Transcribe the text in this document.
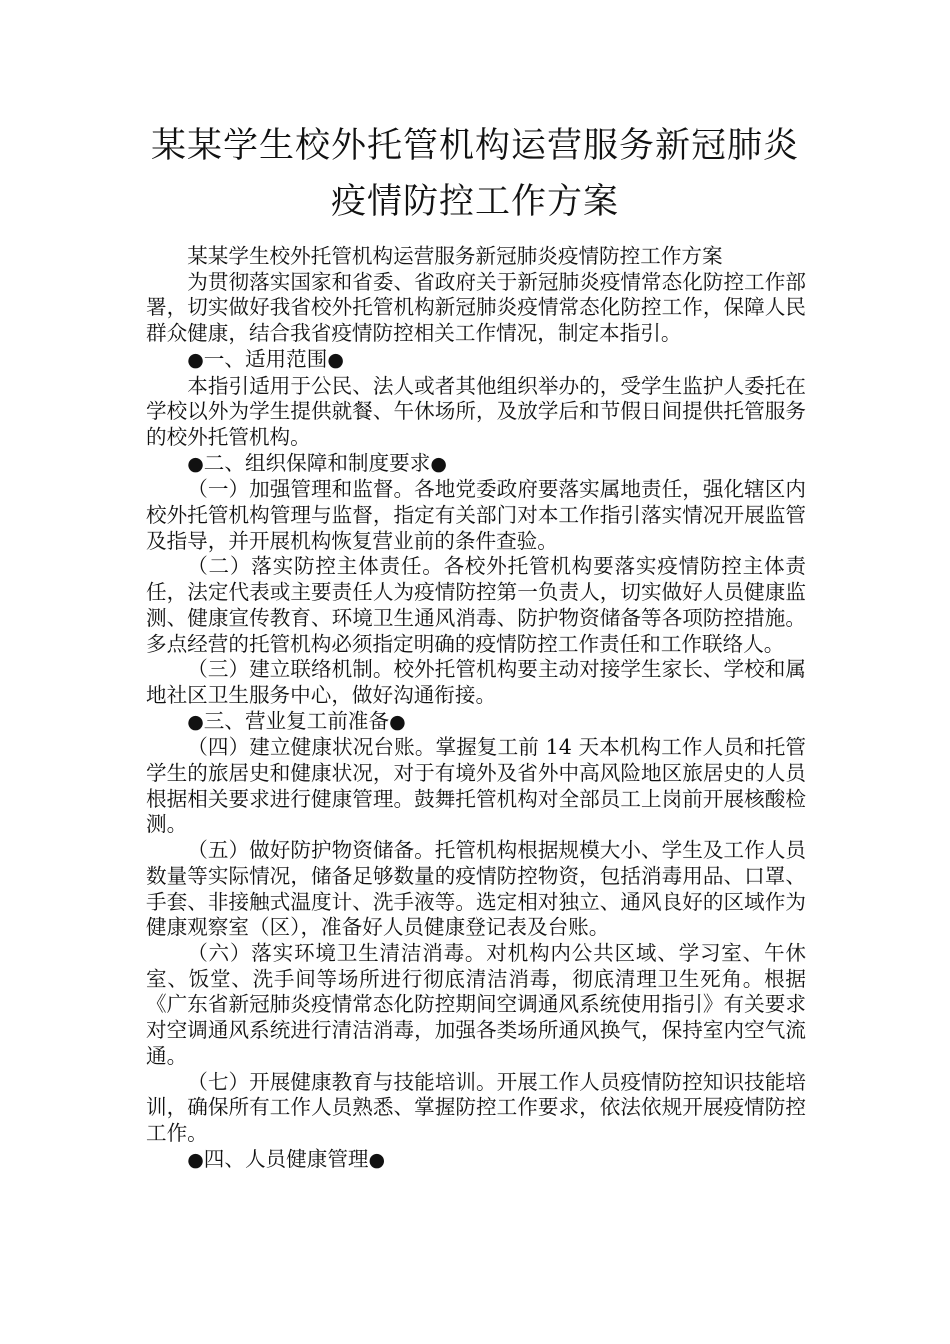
某某学生校外托管机构运营服务新冠肺炎
疫情防控工作方案

某某学生校外托管机构运营服务新冠肺炎疫情防控工作方案

为贯彻落实国家和省委、省政府关于新冠肺炎疫情常态化防控工作部署，切实做好我省校外托管机构新冠肺炎疫情常态化防控工作，保障人民群众健康，结合我省疫情防控相关工作情况，制定本指引。

●一、适用范围●

本指引适用于公民、法人或者其他组织举办的，受学生监护人委托在学校以外为学生提供就餐、午休场所，及放学后和节假日间提供托管服务的校外托管机构。

●二、组织保障和制度要求●

（一）加强管理和监督。各地党委政府要落实属地责任，强化辖区内校外托管机构管理与监督，指定有关部门对本工作指引落实情况开展监管及指导，并开展机构恢复营业前的条件查验。

（二）落实防控主体责任。各校外托管机构要落实疫情防控主体责任，法定代表或主要责任人为疫情防控第一负责人，切实做好人员健康监测、健康宣传教育、环境卫生通风消毒、防护物资储备等各项防控措施。多点经营的托管机构必须指定明确的疫情防控工作责任和工作联络人。

（三）建立联络机制。校外托管机构要主动对接学生家长、学校和属地社区卫生服务中心，做好沟通衔接。

●三、营业复工前准备●

（四）建立健康状况台账。掌握复工前 14 天本机构工作人员和托管学生的旅居史和健康状况，对于有境外及省外中高风险地区旅居史的人员根据相关要求进行健康管理。鼓舞托管机构对全部员工上岗前开展核酸检测。

（五）做好防护物资储备。托管机构根据规模大小、学生及工作人员数量等实际情况，储备足够数量的疫情防控物资，包括消毒用品、口罩、手套、非接触式温度计、洗手液等。选定相对独立、通风良好的区域作为健康观察室（区），准备好人员健康登记表及台账。

（六）落实环境卫生清洁消毒。对机构内公共区域、学习室、午休室、饭堂、洗手间等场所进行彻底清洁消毒，彻底清理卫生死角。根据《广东省新冠肺炎疫情常态化防控期间空调通风系统使用指引》有关要求对空调通风系统进行清洁消毒，加强各类场所通风换气，保持室内空气流通。

（七）开展健康教育与技能培训。开展工作人员疫情防控知识技能培训，确保所有工作人员熟悉、掌握防控工作要求，依法依规开展疫情防控工作。

●四、人员健康管理●
